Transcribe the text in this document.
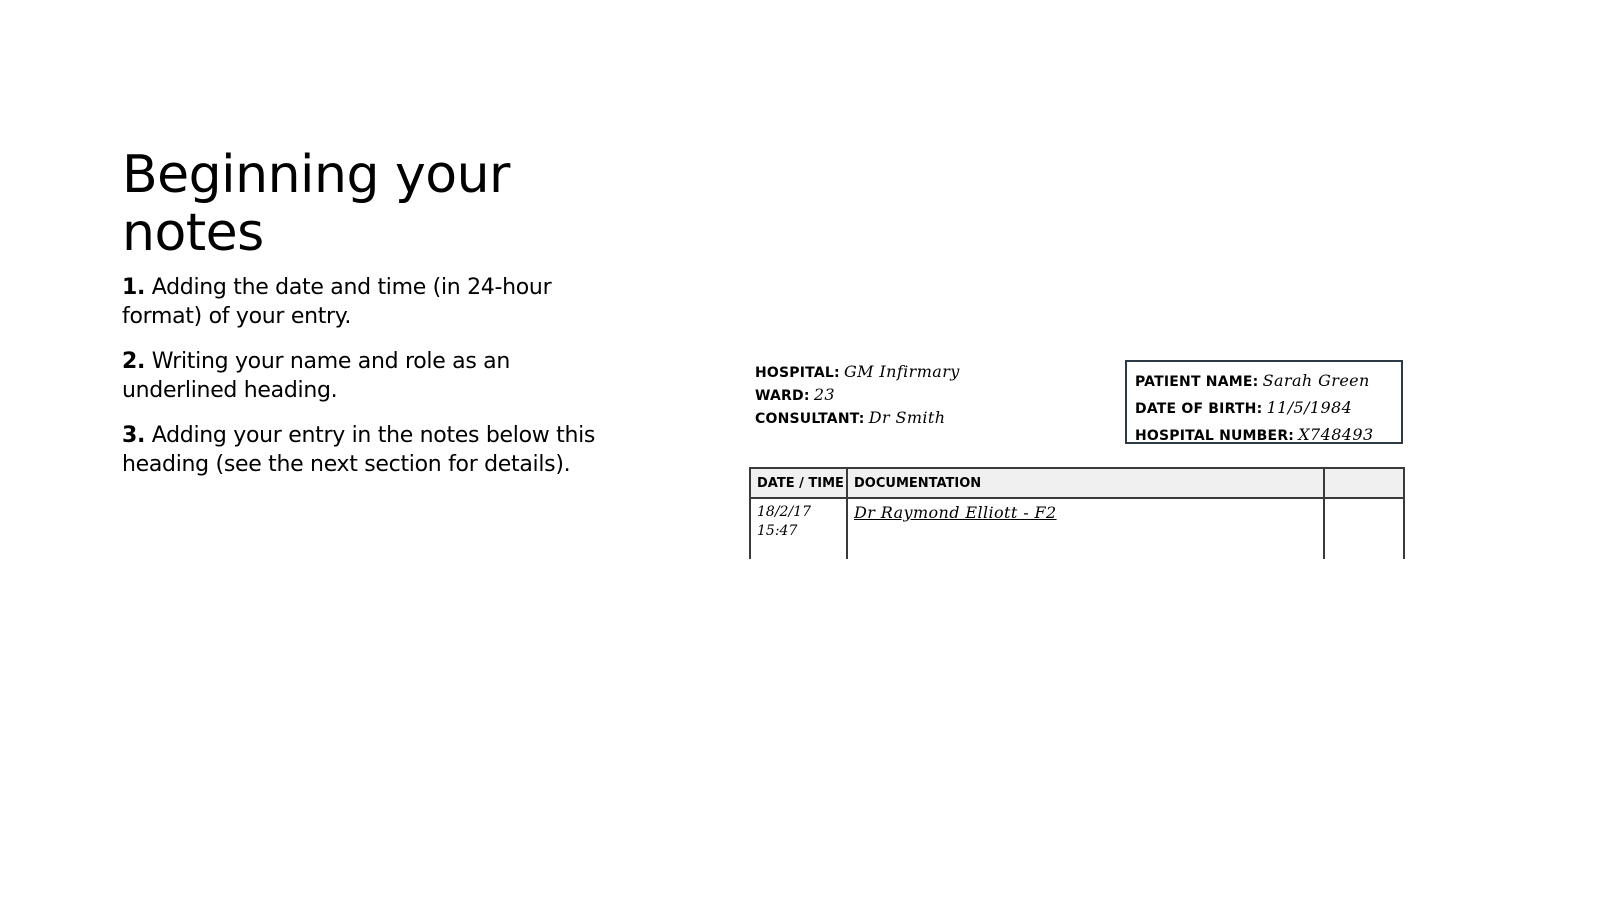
Beginning your notes
1. Adding the date and time (in 24-hour format) of your entry.
2. Writing your name and role as an underlined heading.
3. Adding your entry in the notes below this heading (see the next section for details).
HOSPITAL: GM Infirmary
WARD: 23
CONSULTANT: Dr Smith
PATIENT NAME: Sarah Green
DATE OF BIRTH: 11/5/1984
HOSPITAL NUMBER: X748493
DATE / TIME	DOCUMENTATION	

18/2/17
15:47	Dr Raymond Elliott - F2	
